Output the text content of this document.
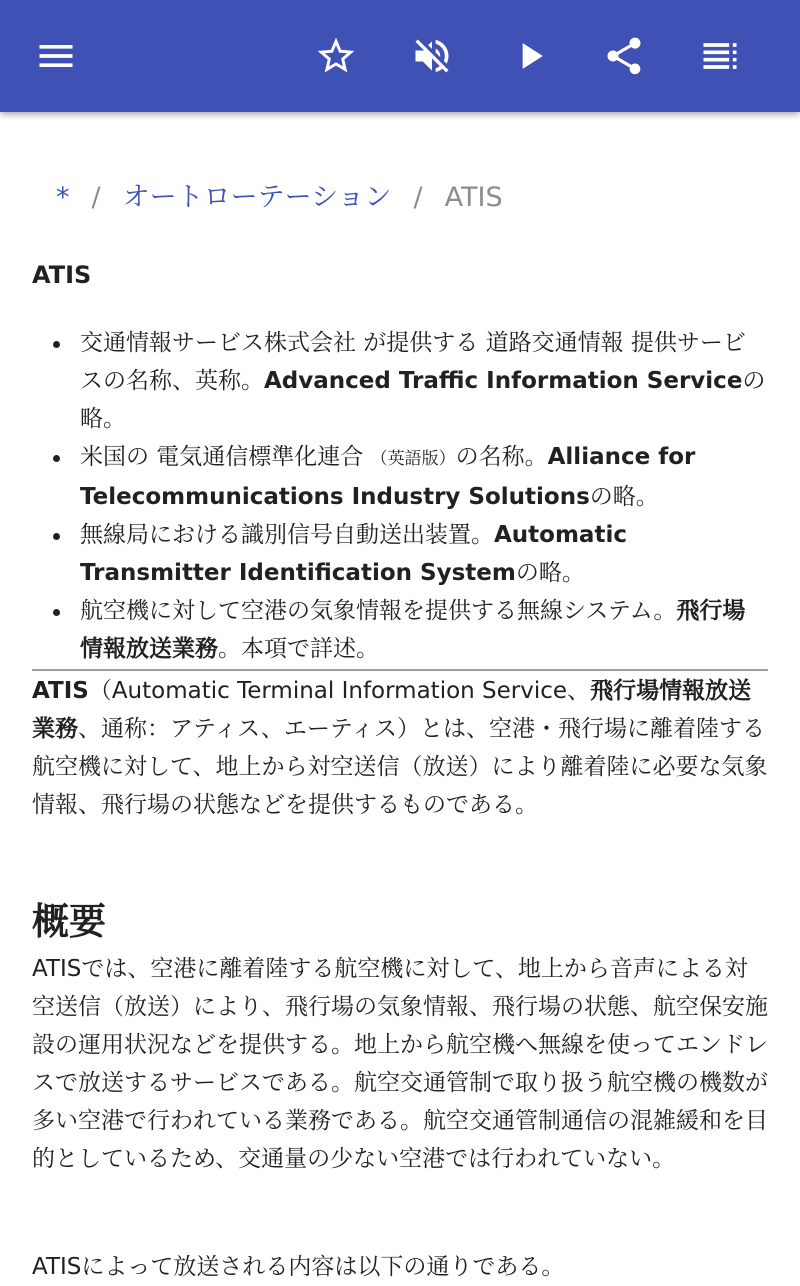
* / オートローテーション / ATIS
ATIS
交通情報サービス株式会社 が提供する 道路交通情報 提供サービスの名称、英称。Advanced Traffic Information Serviceの略。
米国の 電気通信標準化連合 （英語版）の名称。Alliance for Telecommunications Industry Solutionsの略。
無線局における識別信号自動送出装置。Automatic Transmitter Identification Systemの略。
航空機に対して空港の気象情報を提供する無線システム。飛行場情報放送業務。本項で詳述。

ATIS（Automatic Terminal Information Service、飛行場情報放送業務、通称：アティス、エーティス）とは、空港・飛行場に離着陸する航空機に対して、地上から対空送信（放送）により離着陸に必要な気象情報、飛行場の状態などを提供するものである。

概要

ATISでは、空港に離着陸する航空機に対して、地上から音声による対空送信（放送）により、飛行場の気象情報、飛行場の状態、航空保安施設の運用状況などを提供する。地上から航空機へ無線を使ってエンドレスで放送するサービスである。航空交通管制で取り扱う航空機の機数が多い空港で行われている業務である。航空交通管制通信の混雑緩和を目的としているため、交通量の少ない空港では行われていない。

ATISによって放送される内容は以下の通りである。
